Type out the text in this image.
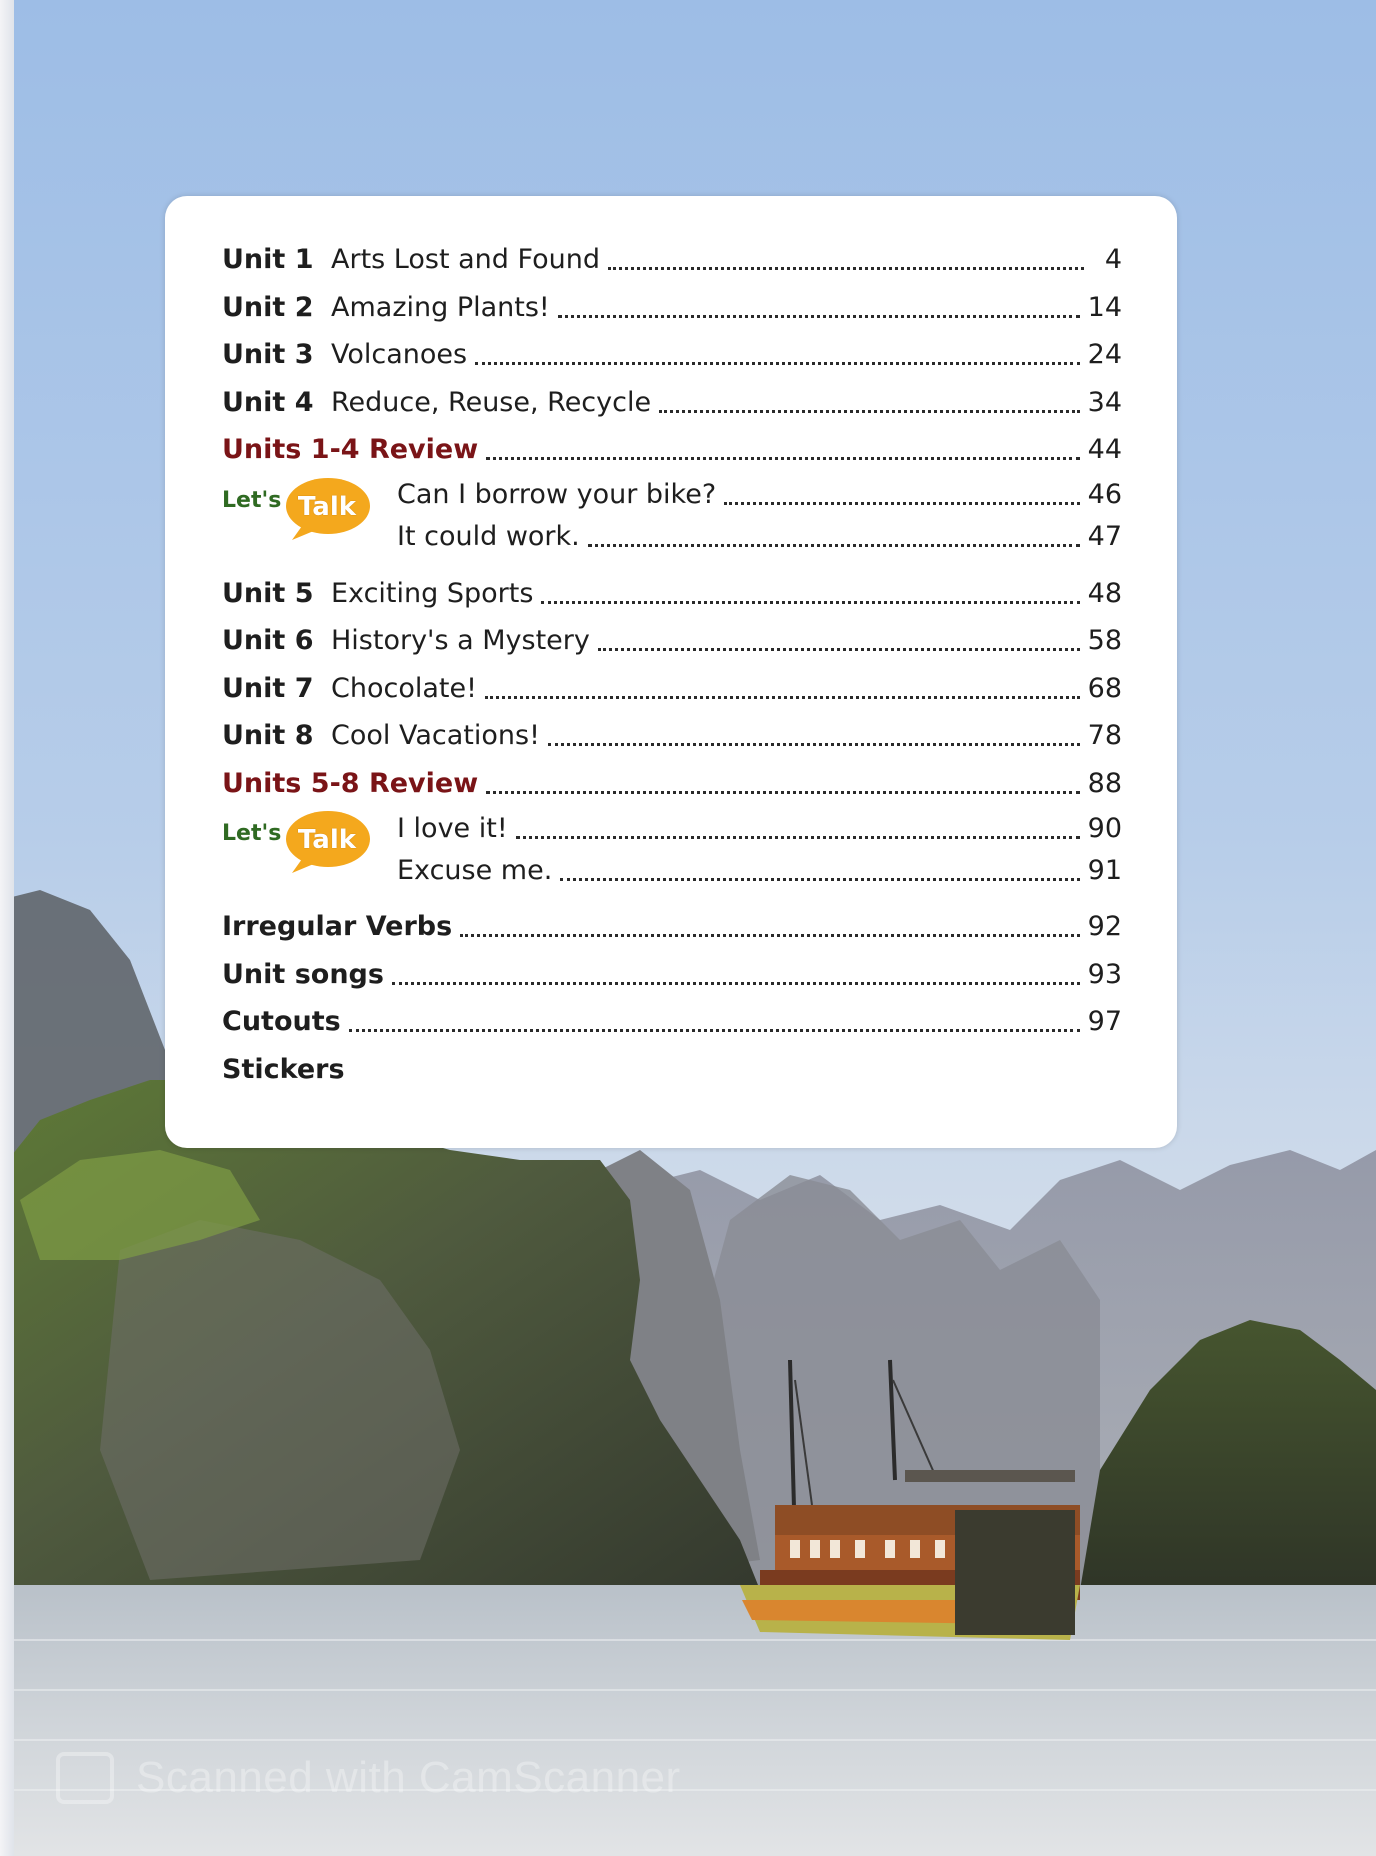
Unit 1 Arts Lost and Found	4
Unit 2 Amazing Plants!	14
Unit 3 Volcanoes	24
Unit 4 Reduce, Reuse, Recycle	34
Units 1-4 Review	44
Let's Talk	Can I borrow your bike?	46
It could work.	47
Unit 5 Exciting Sports	48
Unit 6 History's a Mystery	58
Unit 7 Chocolate!	68
Unit 8 Cool Vacations!	78
Units 5-8 Review	88
Let's Talk	I love it!	90
Excuse me.	91
Irregular Verbs	92
Unit songs	93
Cutouts	97
Stickers
Scanned with CamScanner
